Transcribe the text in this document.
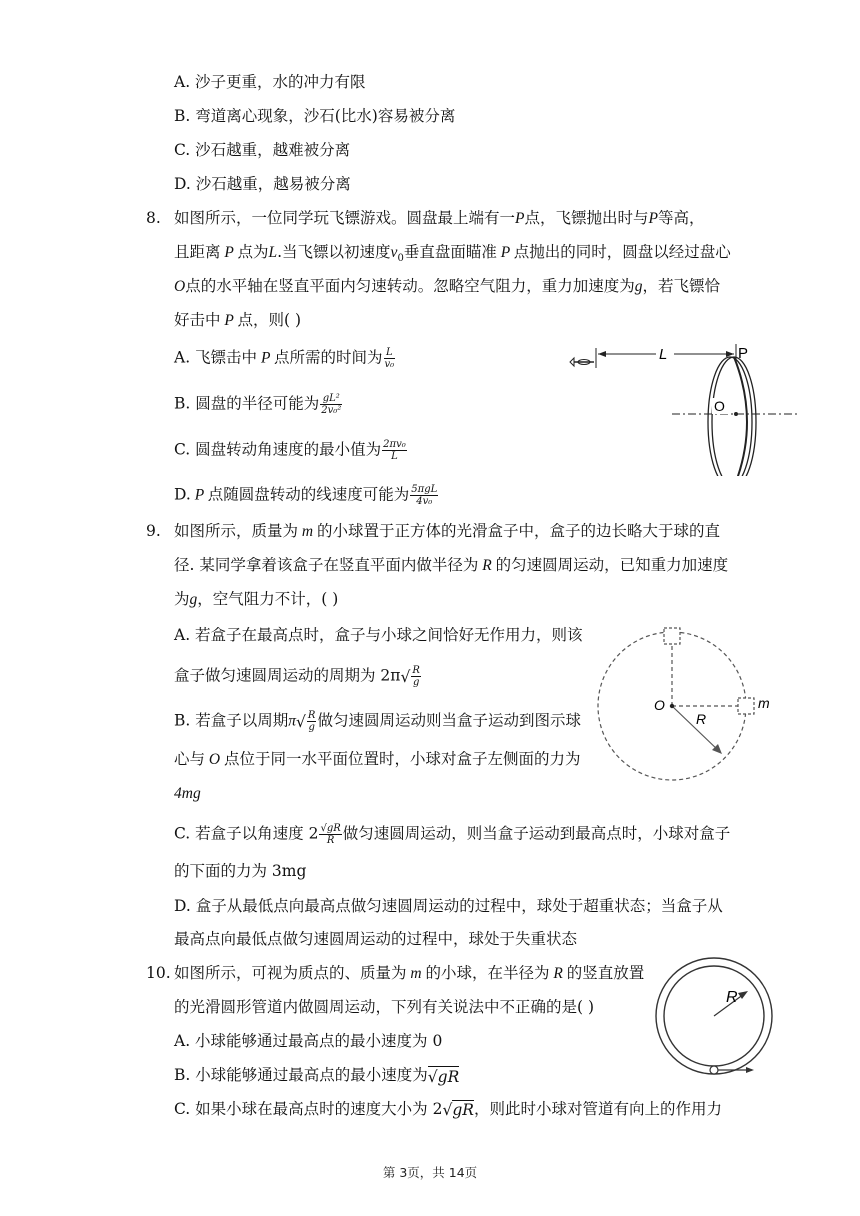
A. 沙子更重，水的冲力有限
B. 弯道离心现象，沙石(比水)容易被分离
C. 沙石越重，越难被分离
D. 沙石越重，越易被分离
8. 如图所示，一位同学玩飞镖游戏。圆盘最上端有一P点，飞镖抛出时与P等高，
且距离 P 点为L.当飞镖以初速度$v_0$垂直盘面瞄准 P 点抛出的同时，圆盘以经过盘心
O点的水平轴在竖直平面内匀速转动。忽略空气阻力，重力加速度为g，若飞镖恰
好击中 P 点，则( )
A. 飞镖击中 P 点所需的时间为 $\frac{L}{\text{v₀}}$
B. 圆盘的半径可能为 $\frac{\text{gL²}}{\text{2v₀²}}$
C. 圆盘转动角速度的最小值为 $\frac{\text{2πv₀}}{L}$
D. P 点随圆盘转动的线速度可能为 $\frac{\text{5πgL}}{\text{4v₀}}$
L	P
O
9. 如图所示，质量为 m 的小球置于正方体的光滑盒子中，盒子的边长略大于球的直
径. 某同学拿着该盒子在竖直平面内做半径为 R 的匀速圆周运动，已知重力加速度
为g，空气阻力不计，( )
A. 若盒子在最高点时，盒子与小球之间恰好无作用力，则该
盒子做匀速圆周运动的周期为 $2\pi√ \frac{R}{g}$
B. 若盒子以周期$\pi√ \frac{R}{g}$ 做匀速圆周运动则当盒子运动到图示球
心与 O 点位于同一水平面位置时，小球对盒子左侧面的力为
4mg
C. 若盒子以角速度 $2 \frac{√gR}{R}$ 做匀速圆周运动，则当盒子运动到最高点时，小球对盒子
的下面的力为 3mg
D. 盒子从最低点向最高点做匀速圆周运动的过程中，球处于超重状态；当盒子从
最高点向最低点做匀速圆周运动的过程中，球处于失重状态
O
R
m
10. 如图所示，可视为质点的、质量为 m 的小球，在半径为 R 的竖直放置
的光滑圆形管道内做圆周运动，下列有关说法中不正确的是( )
A. 小球能够通过最高点的最小速度为 0
B. 小球能够通过最高点的最小速度为√gR
C. 如果小球在最高点时的速度大小为 2√gR，则此时小球对管道有向上的作用力
R
第 3页，共 14页
